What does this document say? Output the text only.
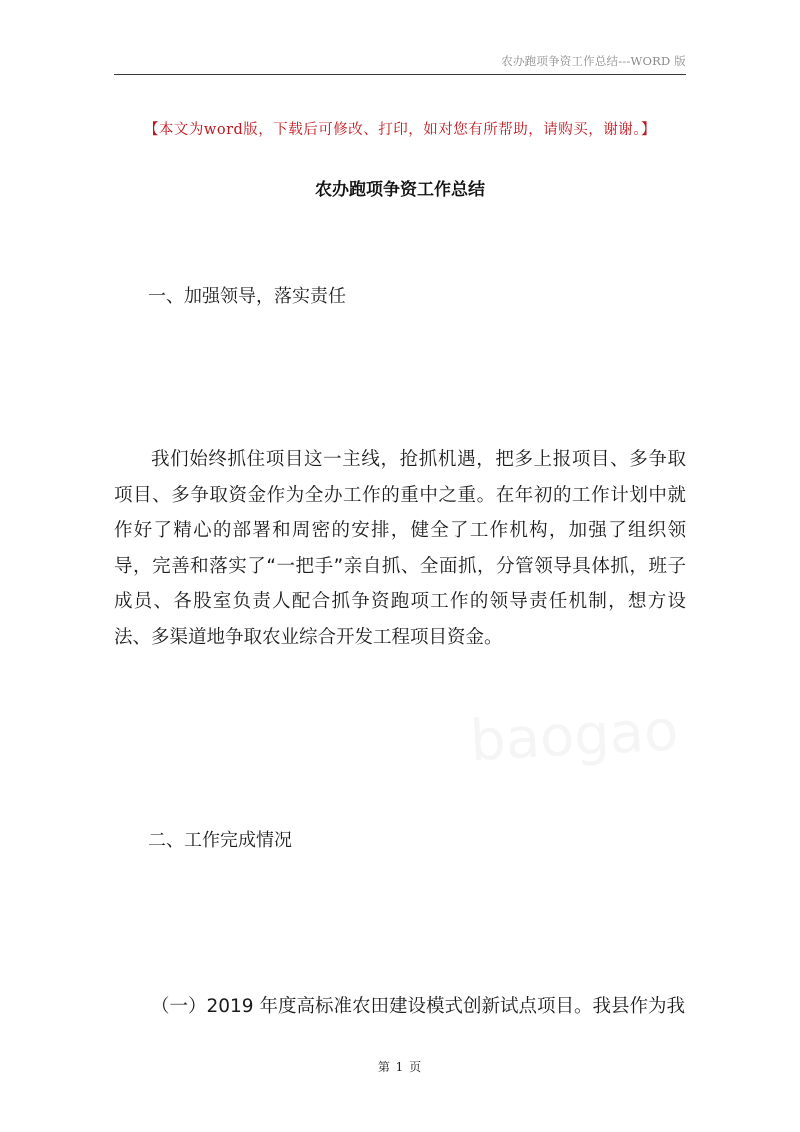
农办跑项争资工作总结---WORD 版
【本文为word版，下载后可修改、打印，如对您有所帮助，请购买，谢谢。】
农办跑项争资工作总结
一、加强领导，落实责任
我们始终抓住项目这一主线，抢抓机遇，把多上报项目、多争取项目、多争取资金作为全办工作的重中之重。在年初的工作计划中就作好了精心的部署和周密的安排，健全了工作机构，加强了组织领导，完善和落实了“一把手”亲自抓、全面抓，分管领导具体抓，班子成员、各股室负责人配合抓争资跑项工作的领导责任机制，想方设法、多渠道地争取农业综合开发工程项目资金。
baogao
二、工作完成情况
（一）2019 年度高标准农田建设模式创新试点项目。我县作为我
第 1 页
